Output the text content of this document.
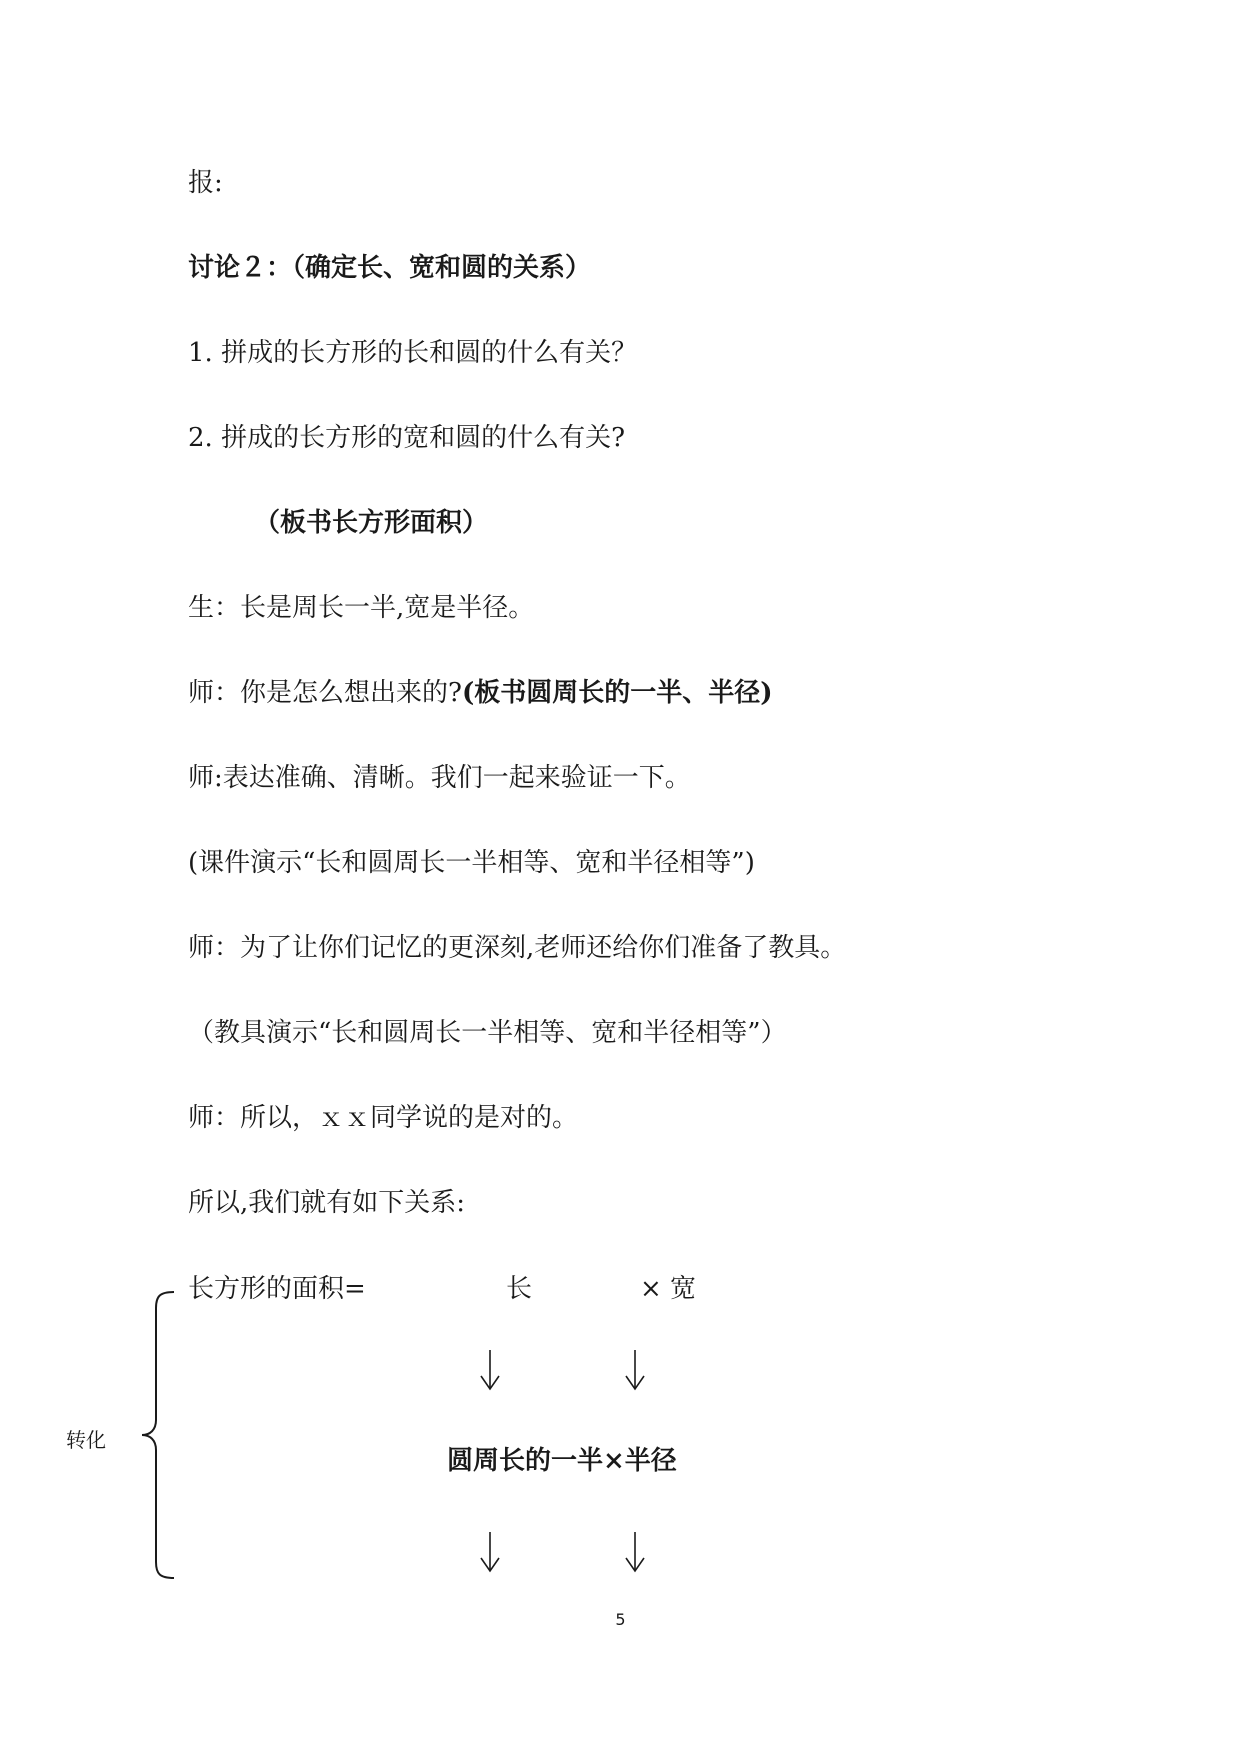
报:
讨论２：（确定长、宽和圆的关系）
1. 拼成的长方形的长和圆的什么有关？
2. 拼成的长方形的宽和圆的什么有关?
（板书长方形面积）
生：长是周长一半,宽是半径。
师：你是怎么想出来的?(板书圆周长的一半、半径)
师:表达准确、清晰。我们一起来验证一下。
(课件演示“长和圆周长一半相等、宽和半径相等”)
师：为了让你们记忆的更深刻,老师还给你们准备了教具。
（教具演示“长和圆周长一半相等、宽和半径相等”）
师：所以，ｘｘ同学说的是对的。
所以,我们就有如下关系:
长方形的面积=	长	× 宽
圆周长的一半×半径
转化
5
